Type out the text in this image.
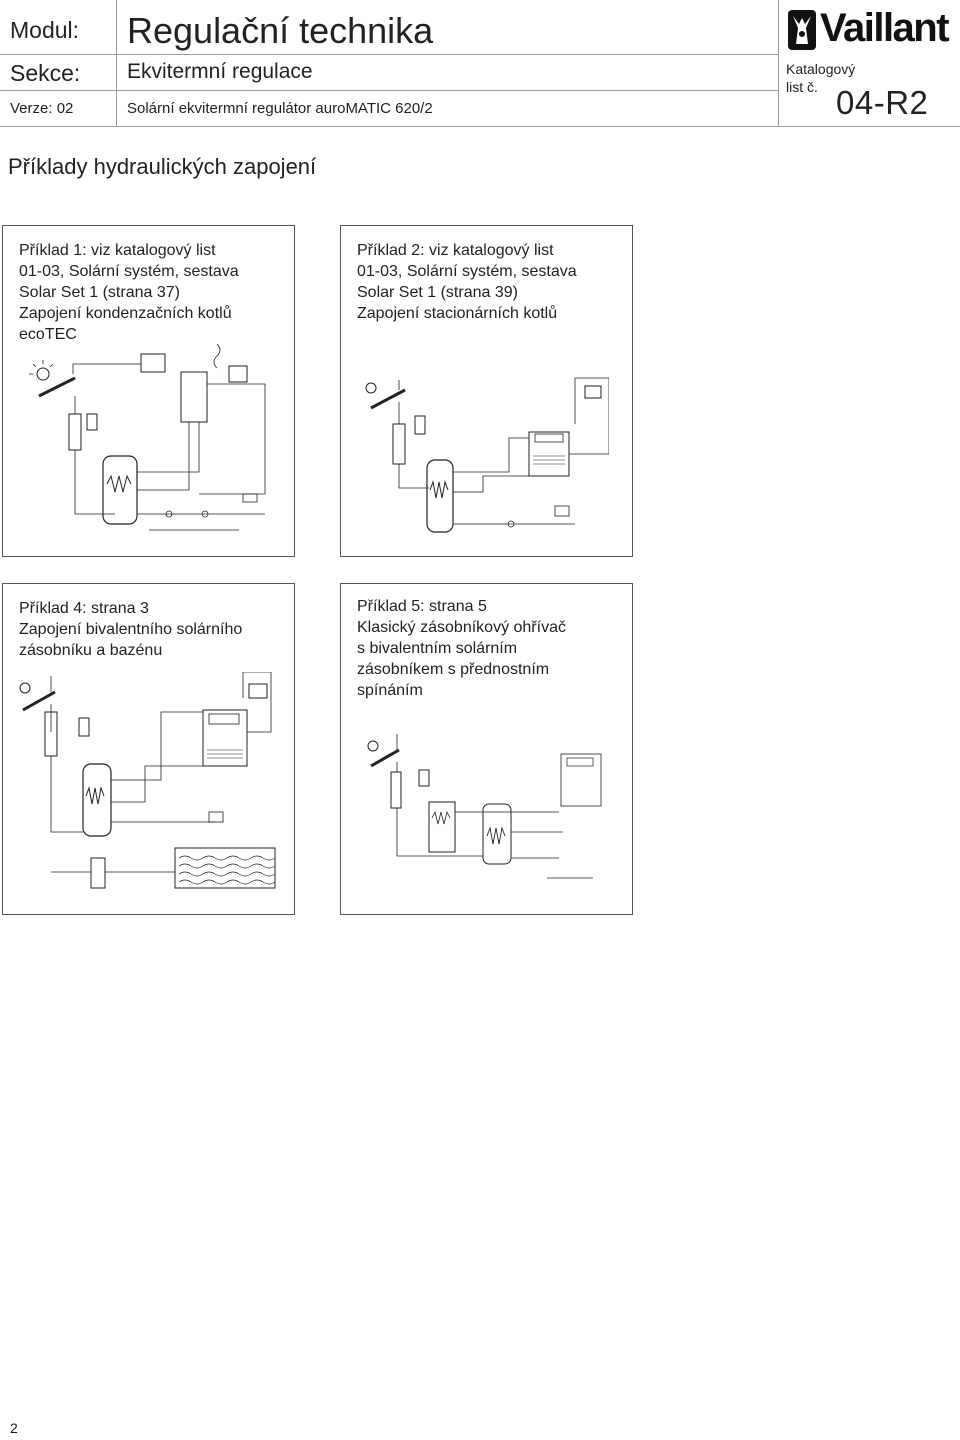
Modul: Regulační technika
Sekce: Ekvitermní regulace
Verze: 02	Solární ekvitermní regulátor auroMATIC 620/2
Vaillant
Katalogový
list č. 04-R2
Příklady hydraulických zapojení
Příklad 1: viz katalogový list
01-03, Solární systém, sestava
Solar Set 1 (strana 37)
Zapojení kondenzačních kotlů
ecoTEC
Příklad 2: viz katalogový list
01-03, Solární systém, sestava
Solar Set 1 (strana 39)
Zapojení stacionárních kotlů
Příklad 4: strana 3
Zapojení bivalentního solárního
zásobníku a bazénu
Příklad 5: strana 5
Klasický zásobníkový ohřívač
s bivalentním solárním
zásobníkem s přednostním
spínáním
2
